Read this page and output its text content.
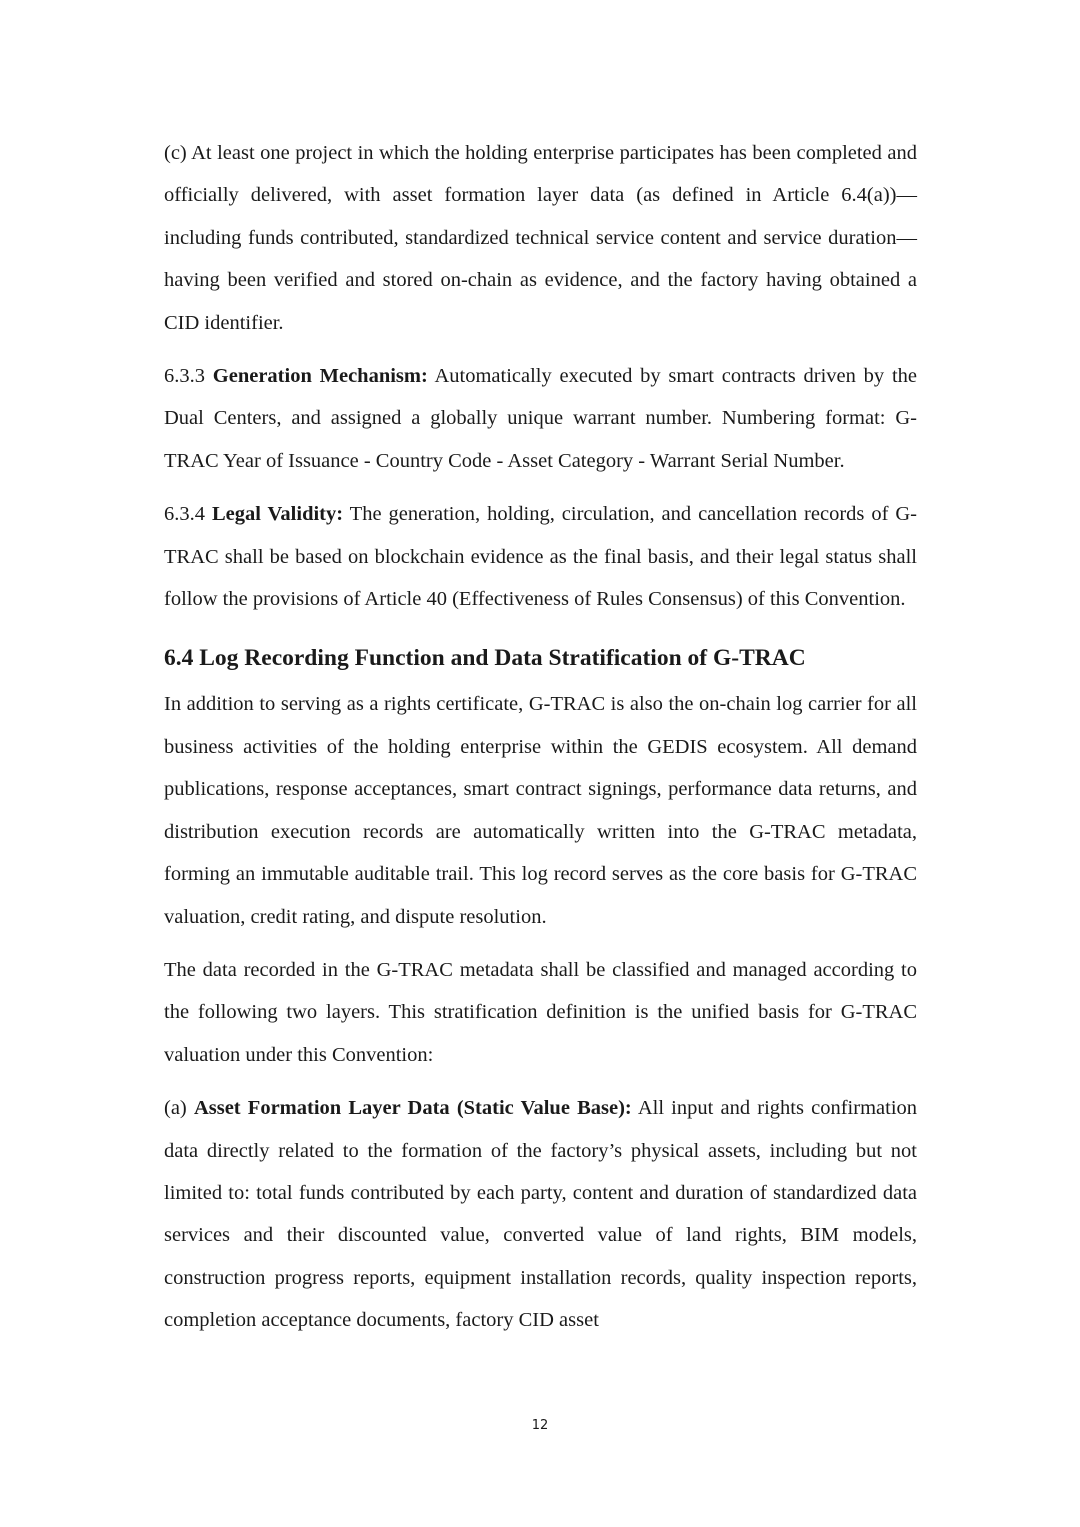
(c) At least one project in which the holding enterprise participates has been completed and officially delivered, with asset formation layer data (as defined in Article 6.4(a))—including funds contributed, standardized technical service content and service duration—having been verified and stored on-chain as evidence, and the factory having obtained a CID identifier.

6.3.3 Generation Mechanism: Automatically executed by smart contracts driven by the Dual Centers, and assigned a globally unique warrant number. Numbering format: G-TRAC Year of Issuance - Country Code - Asset Category - Warrant Serial Number.

6.3.4 Legal Validity: The generation, holding, circulation, and cancellation records of G-TRAC shall be based on blockchain evidence as the final basis, and their legal status shall follow the provisions of Article 40 (Effectiveness of Rules Consensus) of this Convention.

6.4 Log Recording Function and Data Stratification of G-TRAC

In addition to serving as a rights certificate, G-TRAC is also the on-chain log carrier for all business activities of the holding enterprise within the GEDIS ecosystem. All demand publications, response acceptances, smart contract signings, performance data returns, and distribution execution records are automatically written into the G-TRAC metadata, forming an immutable auditable trail. This log record serves as the core basis for G-TRAC valuation, credit rating, and dispute resolution.

The data recorded in the G-TRAC metadata shall be classified and managed according to the following two layers. This stratification definition is the unified basis for G-TRAC valuation under this Convention:

(a) Asset Formation Layer Data (Static Value Base): All input and rights confirmation data directly related to the formation of the factory’s physical assets, including but not limited to: total funds contributed by each party, content and duration of standardized data services and their discounted value, converted value of land rights, BIM models, construction progress reports, equipment installation records, quality inspection reports, completion acceptance documents, factory CID asset

12
